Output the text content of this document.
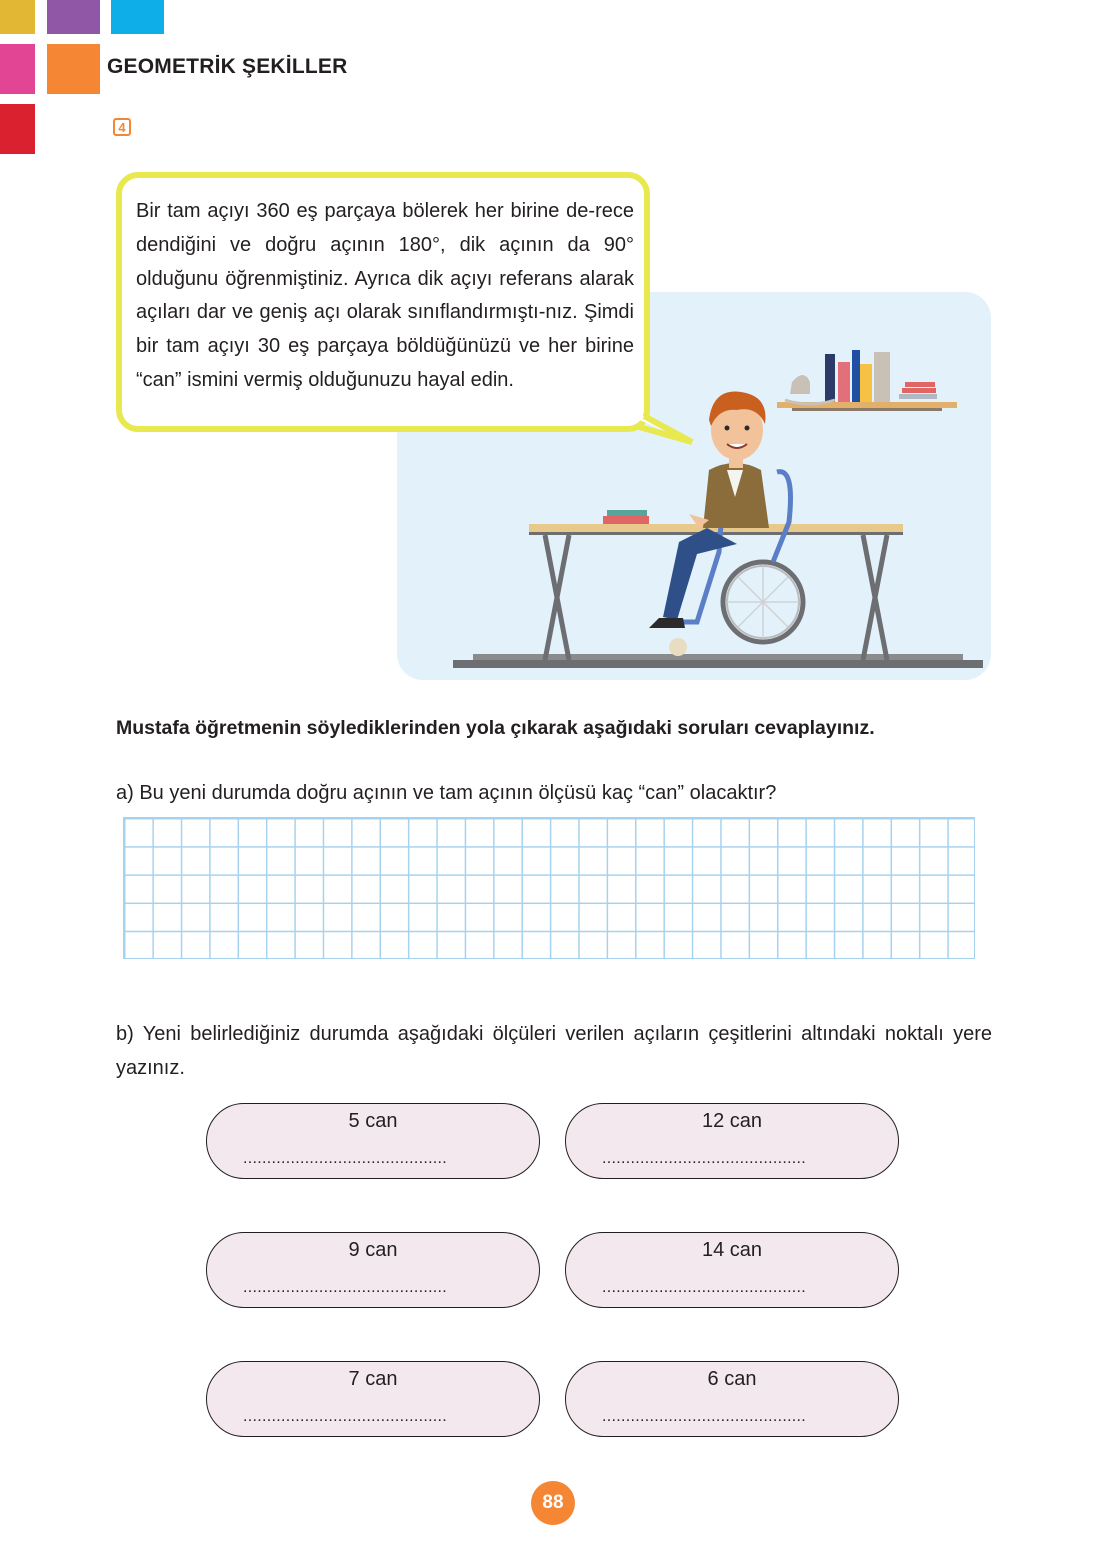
GEOMETRİK ŞEKİLLER
4

Bir tam açıyı 360 eş parçaya bölerek her birine de-rece dendiğini ve doğru açının 180°, dik açının da 90° olduğunu öğrenmiştiniz. Ayrıca dik açıyı referans alarak açıları dar ve geniş açı olarak sınıflandırmıştı-nız. Şimdi bir tam açıyı 30 eş parçaya böldüğünüzü ve her birine “can” ismini vermiş olduğunuzu hayal edin.

Mustafa öğretmenin söylediklerinden yola çıkarak aşağıdaki soruları cevaplayınız.
a) Bu yeni durumda doğru açının ve tam açının ölçüsü kaç “can” olacaktır?

b) Yeni belirlediğiniz durumda aşağıdaki ölçüleri verilen açıların çeşitlerini altındaki noktalı yere yazınız.

5 can
...........................................
12 can
...........................................
9 can
...........................................
14 can
...........................................
7 can
...........................................
6 can
...........................................
88
